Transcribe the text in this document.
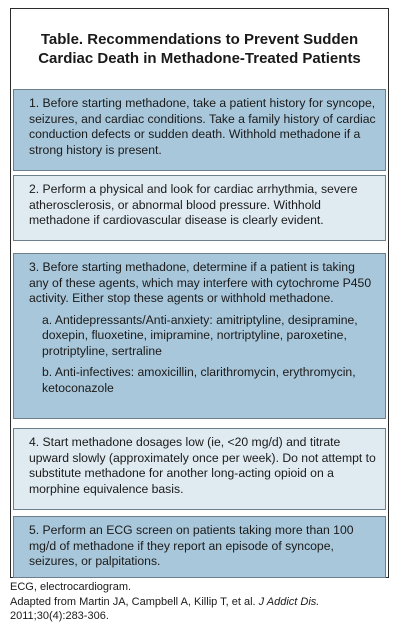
Table. Recommendations to Prevent Sudden Cardiac Death in Methadone-Treated Patients
1. Before starting methadone, take a patient history for syncope, seizures, and cardiac conditions. Take a family history of cardiac conduction defects or sudden death. Withhold methadone if a strong history is present.
2. Perform a physical and look for cardiac arrhythmia, severe atherosclerosis, or abnormal blood pressure. Withhold methadone if cardiovascular disease is clearly evident.
3. Before starting methadone, determine if a patient is taking any of these agents, which may interfere with cytochrome P450 activity. Either stop these agents or withhold methadone.
a. Antidepressants/Anti-anxiety: amitriptyline, desipramine, doxepin, fluoxetine, imipramine, nortriptyline, paroxetine, protriptyline, sertraline
b. Anti-infectives: amoxicillin, clarithromycin, erythromycin, ketoconazole
4. Start methadone dosages low (ie, <20 mg/d) and titrate upward slowly (approximately once per week). Do not attempt to substitute methadone for another long-acting opioid on a morphine equivalence basis.
5. Perform an ECG screen on patients taking more than 100 mg/d of methadone if they report an episode of syncope, seizures, or palpitations.

ECG, electrocardiogram.

Adapted from Martin JA, Campbell A, Killip T, et al. J Addict Dis.

2011;30(4):283-306.
